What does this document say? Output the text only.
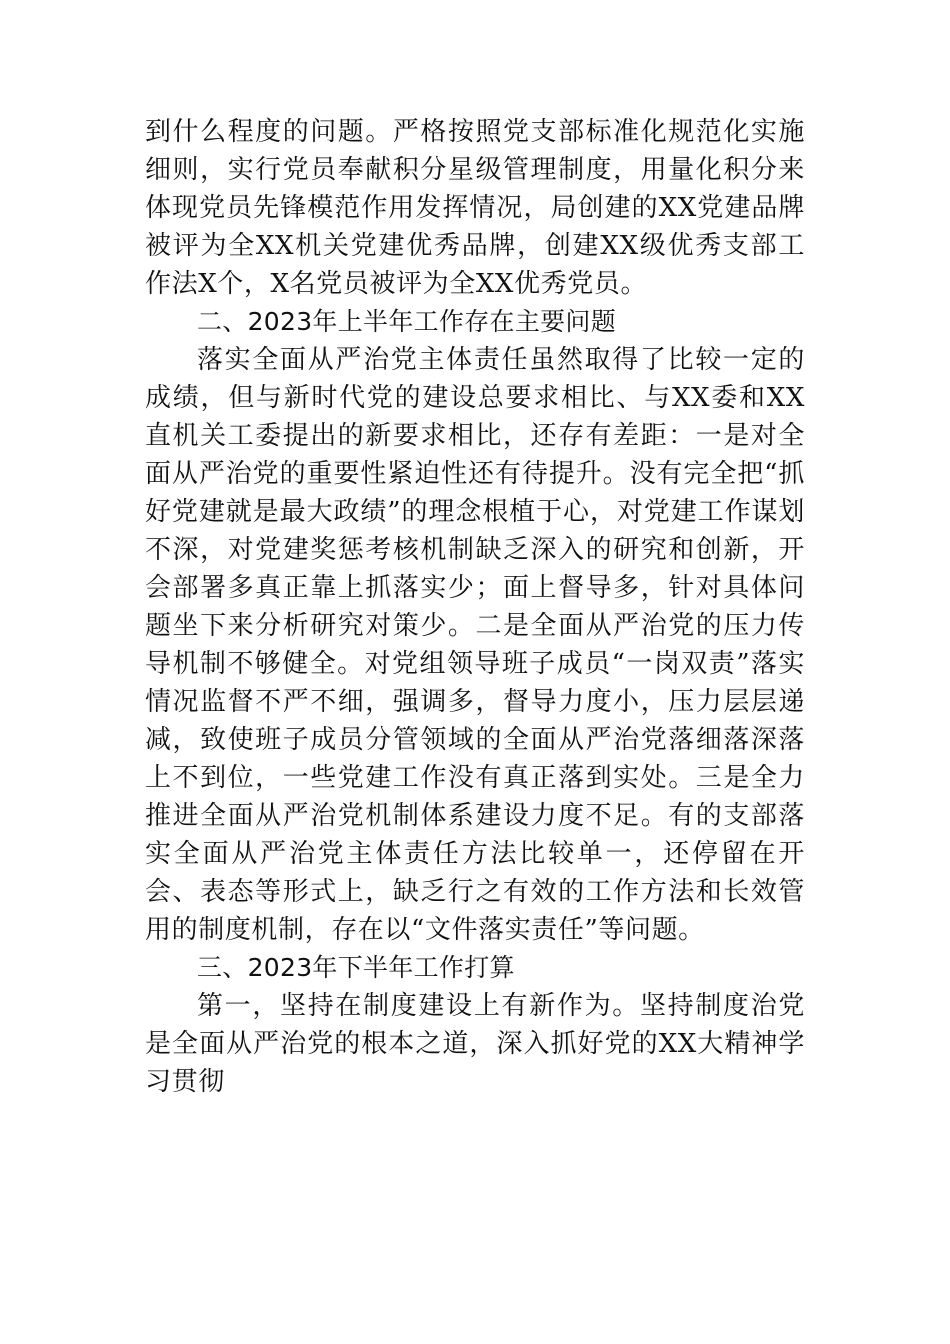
到什么程度的问题。严格按照党支部标准化规范化实施细则，实行党员奉献积分星级管理制度，用量化积分来体现党员先锋模范作用发挥情况，局创建的XX党建品牌被评为全XX机关党建优秀品牌，创建XX级优秀支部工作法X个，X名党员被评为全XX优秀党员。

二、2023年上半年工作存在主要问题

落实全面从严治党主体责任虽然取得了比较一定的成绩，但与新时代党的建设总要求相比、与XX委和XX直机关工委提出的新要求相比，还存有差距：一是对全面从严治党的重要性紧迫性还有待提升。没有完全把“抓好党建就是最大政绩”的理念根植于心，对党建工作谋划不深，对党建奖惩考核机制缺乏深入的研究和创新，开会部署多真正靠上抓落实少；面上督导多，针对具体问题坐下来分析研究对策少。二是全面从严治党的压力传导机制不够健全。对党组领导班子成员“一岗双责”落实情况监督不严不细，强调多，督导力度小，压力层层递减，致使班子成员分管领域的全面从严治党落细落深落上不到位，一些党建工作没有真正落到实处。三是全力推进全面从严治党机制体系建设力度不足。有的支部落实全面从严治党主体责任方法比较单一，还停留在开会、表态等形式上，缺乏行之有效的工作方法和长效管用的制度机制，存在以“文件落实责任”等问题。

三、2023年下半年工作打算

第一，坚持在制度建设上有新作为。坚持制度治党是全面从严治党的根本之道，深入抓好党的XX大精神学习贯彻
